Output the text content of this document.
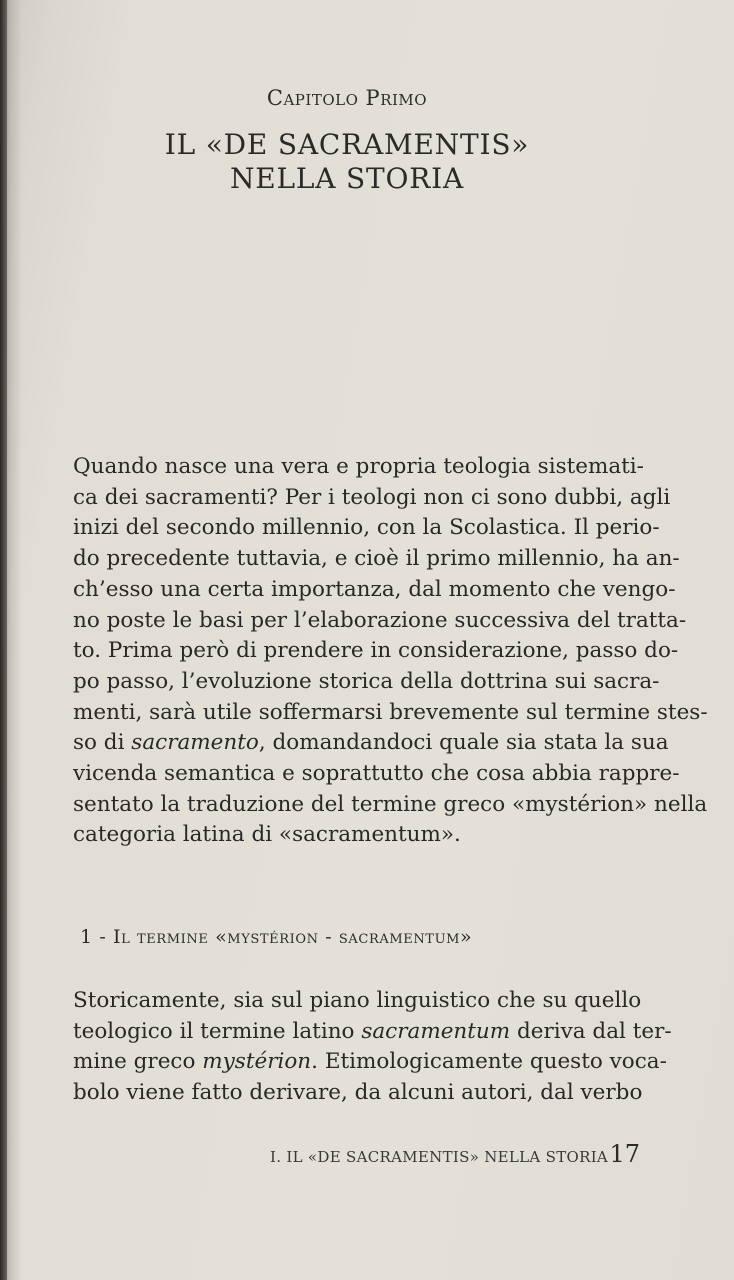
Capitolo Primo
IL «DE SACRAMENTIS»
NELLA STORIA
Quando nasce una vera e propria teologia sistemati-
ca dei sacramenti? Per i teologi non ci sono dubbi, agli
inizi del secondo millennio, con la Scolastica. Il perio-
do precedente tuttavia, e cioè il primo millennio, ha an-
ch’esso una certa importanza, dal momento che vengo-
no poste le basi per l’elaborazione successiva del tratta-
to. Prima però di prendere in considerazione, passo do-
po passo, l’evoluzione storica della dottrina sui sacra-
menti, sarà utile soffermarsi brevemente sul termine stes-
so di sacramento, domandandoci quale sia stata la sua
vicenda semantica e soprattutto che cosa abbia rappre-
sentato la traduzione del termine greco «mystérion» nella
categoria latina di «sacramentum».
1 - Il termine «mystérion - sacramentum»
Storicamente, sia sul piano linguistico che su quello
teologico il termine latino sacramentum deriva dal ter-
mine greco mystérion. Etimologicamente questo voca-
bolo viene fatto derivare, da alcuni autori, dal verbo
I. IL «DE SACRAMENTIS» NELLA STORIA 17
